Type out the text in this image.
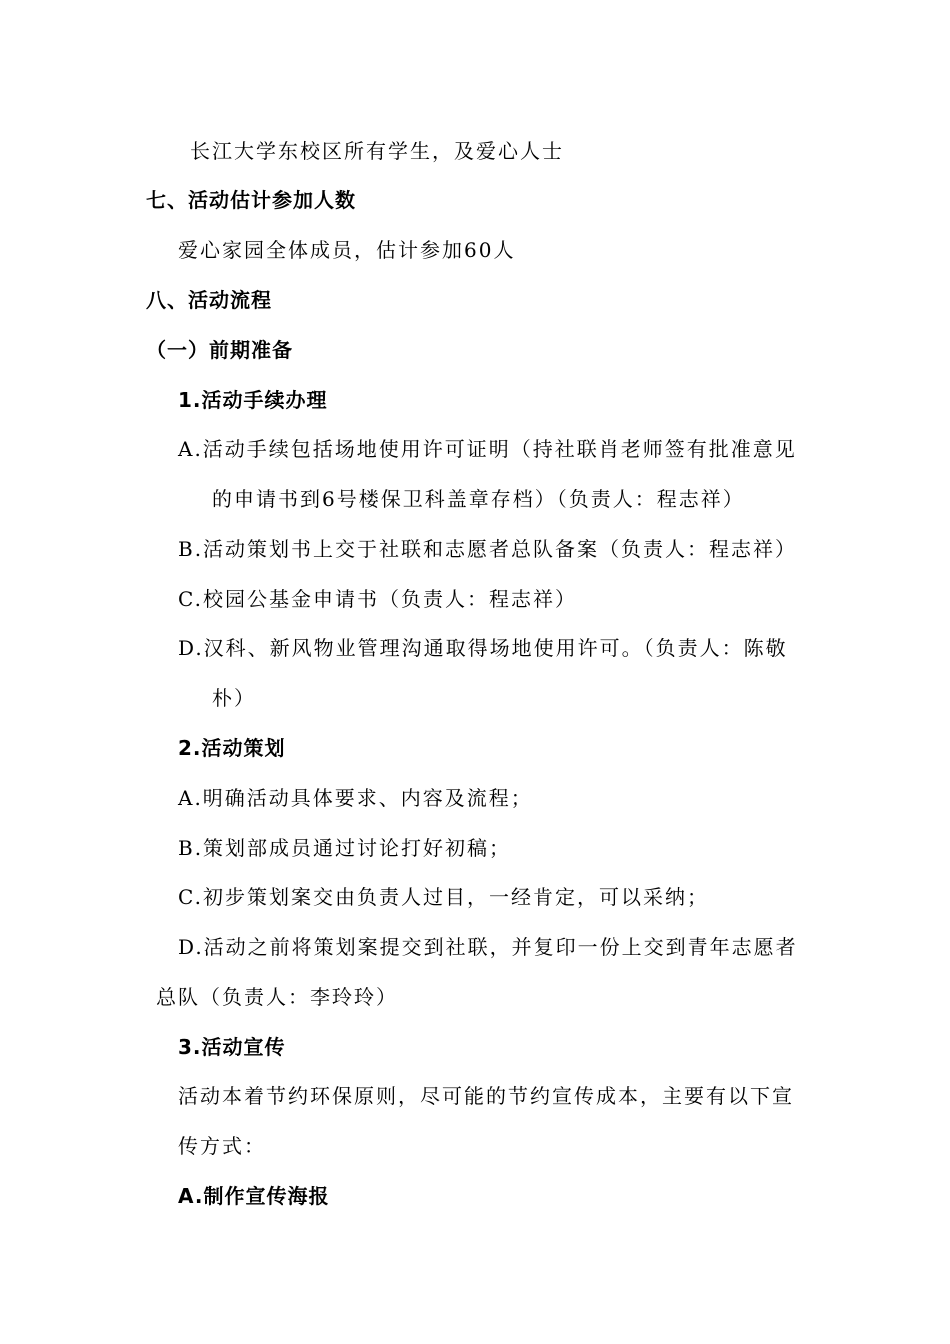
长江大学东校区所有学生，及爱心人士
七、活动估计参加人数
爱心家园全体成员，估计参加60人
八、活动流程
（一）前期准备
1.活动手续办理
A.活动手续包括场地使用许可证明（持社联肖老师签有批准意见
的申请书到6号楼保卫科盖章存档）（负责人：程志祥）
B.活动策划书上交于社联和志愿者总队备案（负责人：程志祥）
C.校园公基金申请书（负责人：程志祥）
D.汉科、新风物业管理沟通取得场地使用许可。（负责人：陈敬
朴）
2.活动策划
A.明确活动具体要求、内容及流程；
B.策划部成员通过讨论打好初稿；
C.初步策划案交由负责人过目，一经肯定，可以采纳；
D.活动之前将策划案提交到社联，并复印一份上交到青年志愿者
总队（负责人：李玲玲）
3.活动宣传
活动本着节约环保原则，尽可能的节约宣传成本，主要有以下宣
传方式：
A.制作宣传海报
